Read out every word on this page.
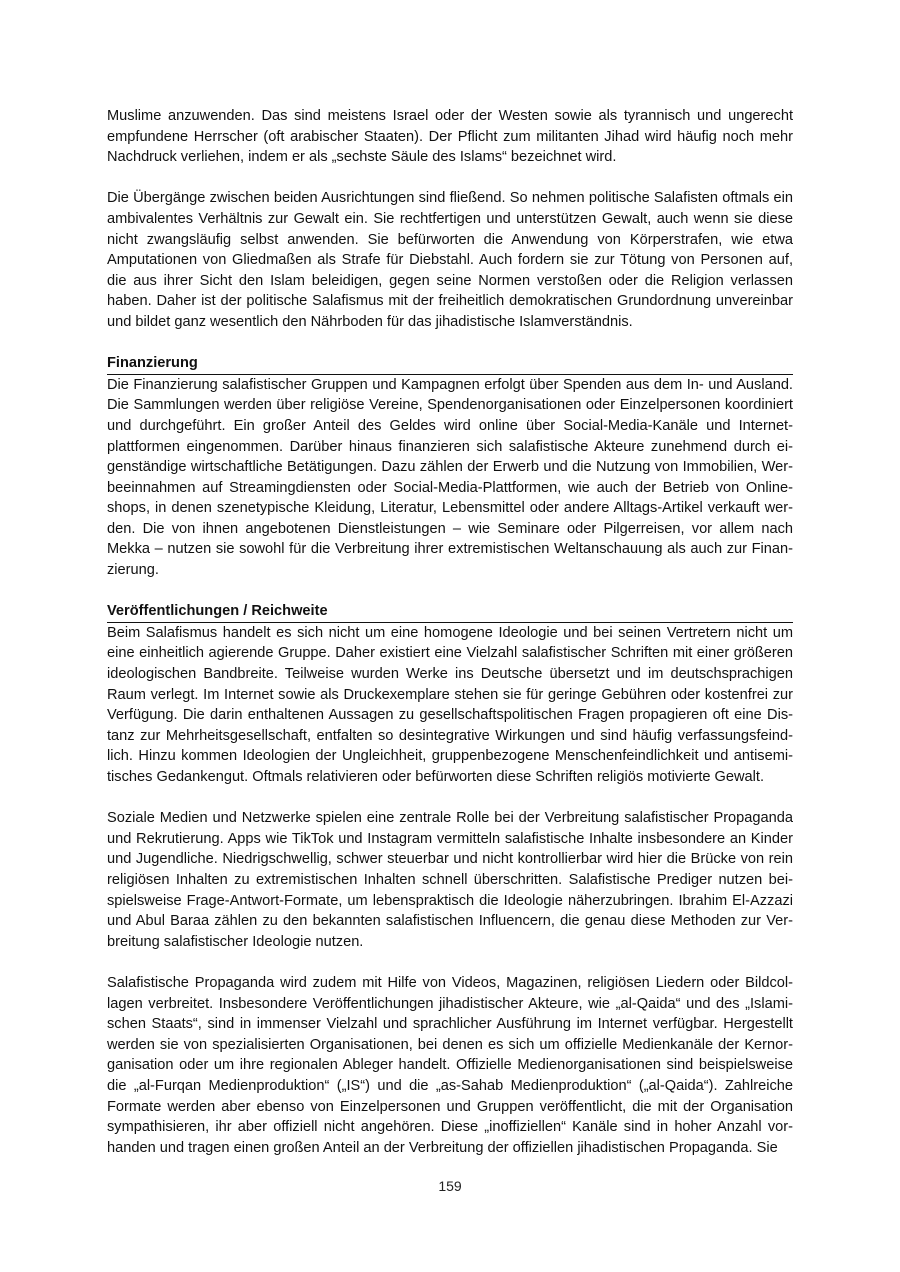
Muslime anzuwenden. Das sind meistens Israel oder der Westen sowie als tyrannisch und ungerecht empfundene Herrscher (oft arabischer Staaten). Der Pflicht zum militanten Jihad wird häufig noch mehr Nachdruck verliehen, indem er als „sechste Säule des Islams“ bezeichnet wird.

Die Übergänge zwischen beiden Ausrichtungen sind fließend. So nehmen politische Salafisten oftmals ein ambivalentes Verhältnis zur Gewalt ein. Sie rechtfertigen und unterstützen Gewalt, auch wenn sie diese nicht zwangsläufig selbst anwenden. Sie befürworten die Anwendung von Körperstrafen, wie etwa Amputationen von Gliedmaßen als Strafe für Diebstahl. Auch fordern sie zur Tötung von Personen auf, die aus ihrer Sicht den Islam beleidigen, gegen seine Normen verstoßen oder die Religion verlassen haben. Daher ist der politische Salafismus mit der freiheitlich demokratischen Grundordnung unvereinbar und bildet ganz wesentlich den Nährboden für das jihadistische Islamverständnis.

Finanzierung

Die Finanzierung salafistischer Gruppen und Kampagnen erfolgt über Spenden aus dem In- und Ausland. Die Sammlungen werden über religiöse Vereine, Spendenorganisationen oder Einzelpersonen koordiniert und durchgeführt. Ein großer Anteil des Geldes wird online über Social-Media-Kanäle und Internetplattformen eingenommen. Darüber hinaus finanzieren sich salafistische Akteure zunehmend durch eigenständige wirtschaftliche Betätigungen. Dazu zählen der Erwerb und die Nutzung von Immobilien, Werbeeinnahmen auf Streamingdiensten oder Social-Media-Plattformen, wie auch der Betrieb von Onlineshops, in denen szenetypische Kleidung, Literatur, Lebensmittel oder andere Alltags-Artikel verkauft werden. Die von ihnen angebotenen Dienstleistungen – wie Seminare oder Pilgerreisen, vor allem nach Mekka – nutzen sie sowohl für die Verbreitung ihrer extremistischen Weltanschauung als auch zur Finanzierung.

Veröffentlichungen / Reichweite

Beim Salafismus handelt es sich nicht um eine homogene Ideologie und bei seinen Vertretern nicht um eine einheitlich agierende Gruppe. Daher existiert eine Vielzahl salafistischer Schriften mit einer größeren ideologischen Bandbreite. Teilweise wurden Werke ins Deutsche übersetzt und im deutschsprachigen Raum verlegt. Im Internet sowie als Druckexemplare stehen sie für geringe Gebühren oder kostenfrei zur Verfügung. Die darin enthaltenen Aussagen zu gesellschaftspolitischen Fragen propagieren oft eine Distanz zur Mehrheitsgesellschaft, entfalten so desintegrative Wirkungen und sind häufig verfassungsfeindlich. Hinzu kommen Ideologien der Ungleichheit, gruppenbezogene Menschenfeindlichkeit und antisemitisches Gedankengut. Oftmals relativieren oder befürworten diese Schriften religiös motivierte Gewalt.

Soziale Medien und Netzwerke spielen eine zentrale Rolle bei der Verbreitung salafistischer Propaganda und Rekrutierung. Apps wie TikTok und Instagram vermitteln salafistische Inhalte insbesondere an Kinder und Jugendliche. Niedrigschwellig, schwer steuerbar und nicht kontrollierbar wird hier die Brücke von rein religiösen Inhalten zu extremistischen Inhalten schnell überschritten. Salafistische Prediger nutzen beispielsweise Frage-Antwort-Formate, um lebenspraktisch die Ideologie näherzubringen. Ibrahim El-Azzazi und Abul Baraa zählen zu den bekannten salafistischen Influencern, die genau diese Methoden zur Verbreitung salafistischer Ideologie nutzen.

Salafistische Propaganda wird zudem mit Hilfe von Videos, Magazinen, religiösen Liedern oder Bildcollagen verbreitet. Insbesondere Veröffentlichungen jihadistischer Akteure, wie „al-Qaida“ und des „Islamischen Staats“, sind in immenser Vielzahl und sprachlicher Ausführung im Internet verfügbar. Hergestellt werden sie von spezialisierten Organisationen, bei denen es sich um offizielle Medienkanäle der Kernorganisation oder um ihre regionalen Ableger handelt. Offizielle Medienorganisationen sind beispielsweise die „al-Furqan Medienproduktion“ („IS“) und die „as-Sahab Medienproduktion“ („al-Qaida“). Zahlreiche Formate werden aber ebenso von Einzelpersonen und Gruppen veröffentlicht, die mit der Organisation sympathisieren, ihr aber offiziell nicht angehören. Diese „inoffiziellen“ Kanäle sind in hoher Anzahl vorhanden und tragen einen großen Anteil an der Verbreitung der offiziellen jihadistischen Propaganda. Sie

159
